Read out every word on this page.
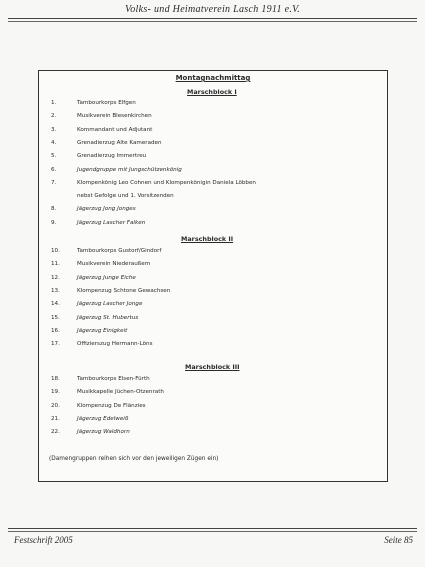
Volks- und Heimatverein Lasch 1911 e.V.
Montagnachmittag
Marschblock I
1.	Tambourkorps Elfgen
2.	Musikverein Blesenkirchen
3.	Kommandant und Adjutant
4.	Grenadierzug Alte Kameraden
5.	Grenadierzug Immertreu
6.	Jugendgruppe mit Jungschützenkönig
7.	Klompenkönig Leo Cohnen und Klompenkönigin Daniela Löbben
nebst Gefolge und 1. Vorsitzenden
8.	Jägerzug Jong Jonges
9.	Jägerzug Lascher Falken
Marschblock II
10.	Tambourkorps Gustorf/Gindorf
11.	Musikverein Niederaußem
12.	Jägerzug Junge Eiche
13.	Klompenzug Schtone Gewachsen
14.	Jägerzug Lascher Jonge
15.	Jägerzug St. Hubertus
16.	Jägerzug Einigkeit
17.	Offizierszug Hermann-Löns
Marschblock III
18.	Tambourkorps Elsen-Fürth
19.	Musikkapelle Jüchen-Otzenrath
20.	Klompenzug De Flänzies
21.	Jägerzug Edelweiß
22.	Jägerzug Waldhorn
(Damengruppen reihen sich vor den jeweiligen Zügen ein)
Festschrift 2005	Seite 85
